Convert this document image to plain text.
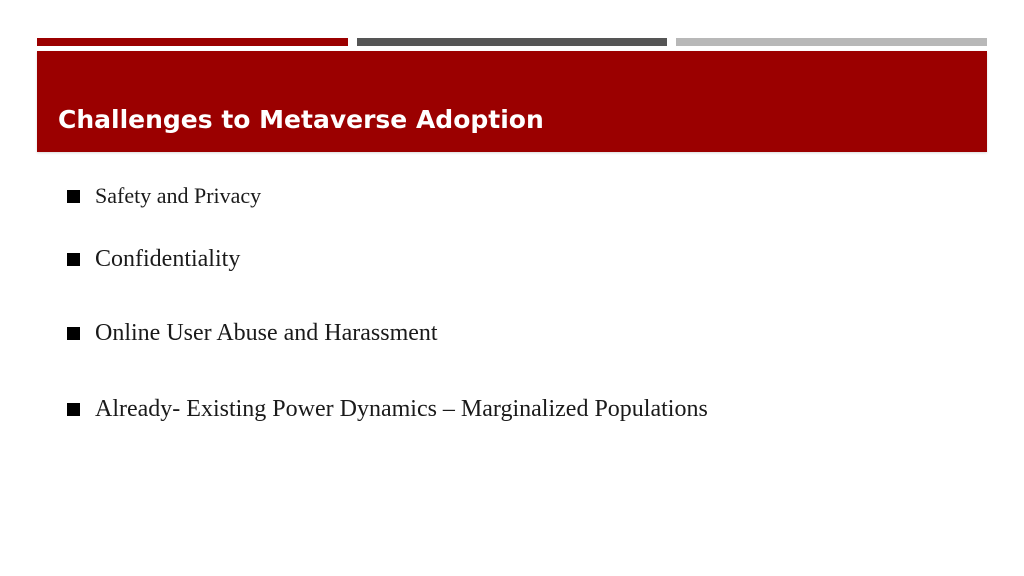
Challenges to Metaverse Adoption
Safety and Privacy
Confidentiality
Online User Abuse and Harassment
Already- Existing Power Dynamics – Marginalized Populations
